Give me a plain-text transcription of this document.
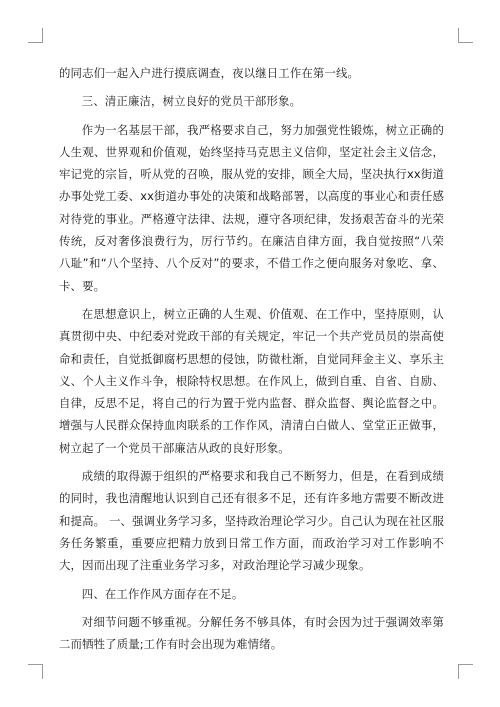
的同志们一起入户进行摸底调查，夜以继日工作在第一线。

三、清正廉洁，树立良好的党员干部形象。

作为一名基层干部，我严格要求自己，努力加强党性锻炼，树立正确的人生观、世界观和价值观，始终坚持马克思主义信仰，坚定社会主义信念，牢记党的宗旨，听从党的召唤，服从党的安排，顾全大局，坚决执行xx街道办事处党工委、xx街道办事处的决策和战略部署，以高度的事业心和责任感对待党的事业。严格遵守法律、法规，遵守各项纪律，发扬艰苦奋斗的光荣传统，反对奢侈浪费行为，厉行节约。在廉洁自律方面，我自觉按照“八荣八耻”和“八个坚持、八个反对”的要求，不借工作之便向服务对象吃、拿、卡、要。

在思想意识上，树立正确的人生观、价值观、在工作中，坚持原则，认真贯彻中央、中纪委对党政干部的有关规定，牢记一个共产党员员的崇高使命和责任，自觉抵御腐朽思想的侵蚀，防微杜渐，自觉同拜金主义、享乐主义、个人主义作斗争，根除特权思想。在作风上，做到自重、自省、自励、自律，反思不足，将自己的行为置于党内监督、群众监督、舆论监督之中。增强与人民群众保持血肉联系的工作作风，清清白白做人、堂堂正正做事，树立起了一个党员干部廉洁从政的良好形象。

成绩的取得源于组织的严格要求和我自己不断努力，但是，在看到成绩的同时，我也清醒地认识到自己还有很多不足，还有许多地方需要不断改进和提高。 一、强调业务学习多，坚持政治理论学习少。自己认为现在社区服务任务繁重，重要应把精力放到日常工作方面，而政治学习对工作影响不大，因而出现了注重业务学习多，对政治理论学习减少现象。

四、在工作作风方面存在不足。

对细节问题不够重视。分解任务不够具体，有时会因为过于强调效率第二而牺牲了质量;工作有时会出现为难情绪。
